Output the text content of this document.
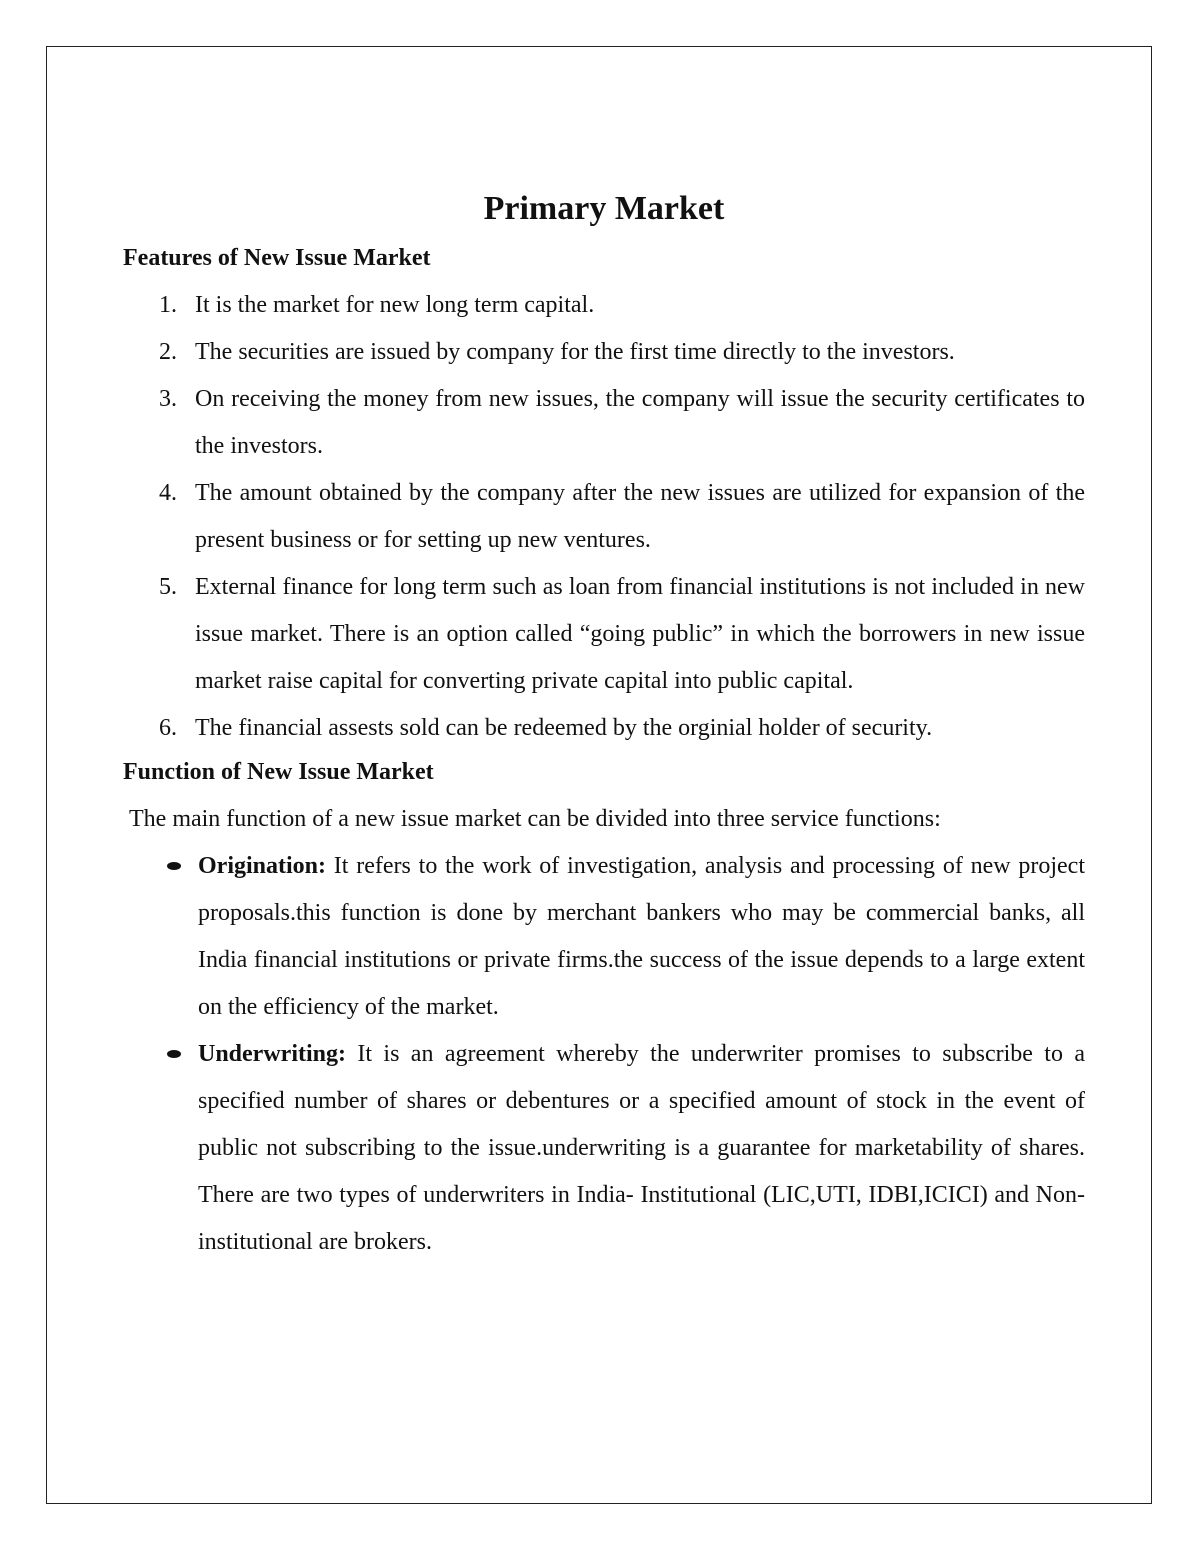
Primary Market
Features of New Issue Market
1. It is the market for new long term capital.
2. The securities are issued by company for the first time directly to the investors.
3. On receiving the money from new issues, the company will issue the security certificates to the investors.
4. The amount obtained by the company after the new issues are utilized for expansion of the present business or for setting up new ventures.
5. External finance for long term such as loan from financial institutions is not included in new issue market. There is an option called “going public” in which the borrowers in new issue market raise capital for converting private capital into public capital.
6. The financial assests sold can be redeemed by the orginial holder of security.
Function of New Issue Market

The main function of a new issue market can be divided into three service functions:

Origination: It refers to the work of investigation, analysis and processing of new project proposals.this function is done by merchant bankers who may be commercial banks, all India financial institutions or private firms.the success of the issue depends to a large extent on the efficiency of the market.
Underwriting: It is an agreement whereby the underwriter promises to subscribe to a specified number of shares or debentures or a specified amount of stock in the event of public not subscribing to the issue.underwriting is a guarantee for marketability of shares. There are two types of underwriters in India- Institutional (LIC,UTI, IDBI,ICICI) and Non- institutional are brokers.
